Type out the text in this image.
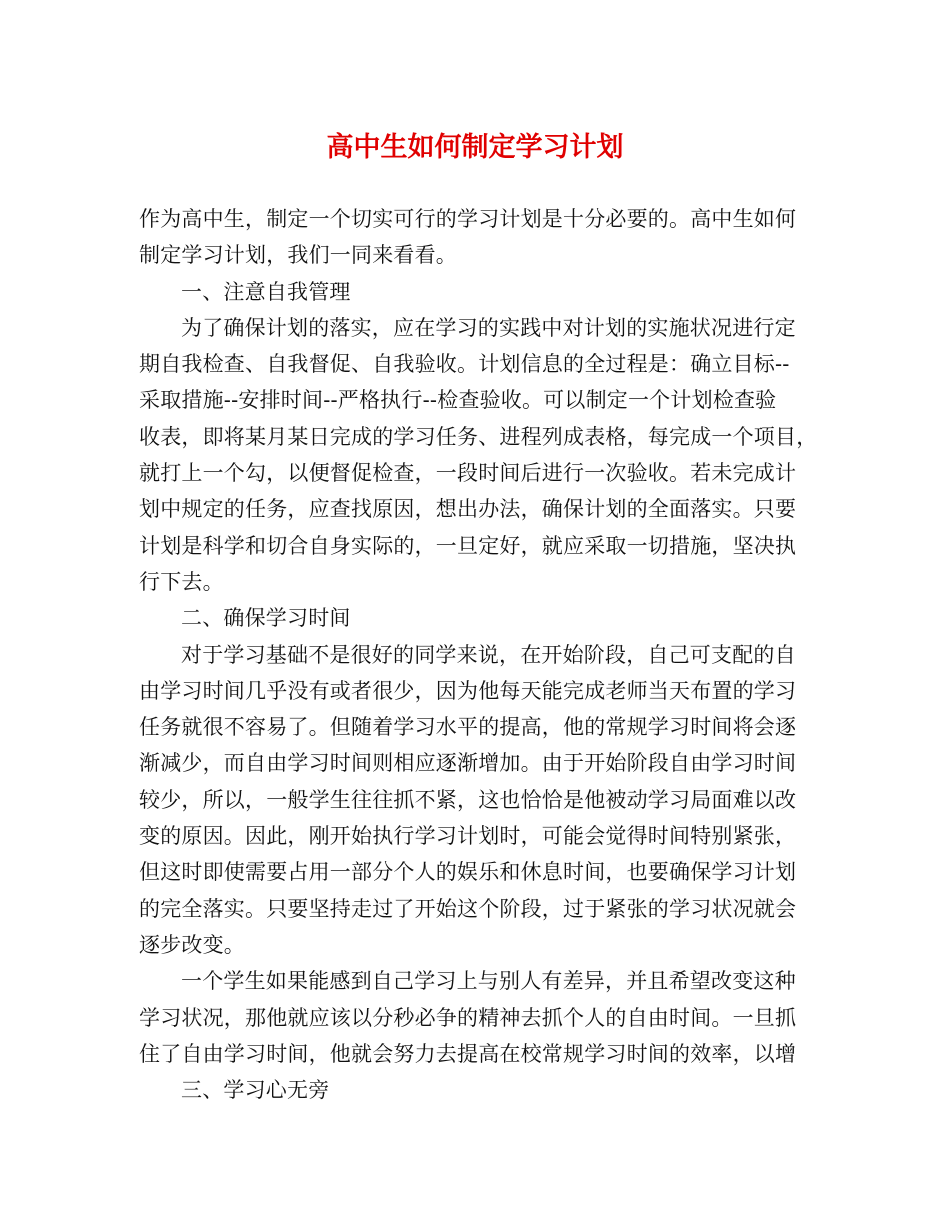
高中生如何制定学习计划
作为高中生，制定一个切实可行的学习计划是十分必要的。高中生如何
制定学习计划，我们一同来看看。
一、注意自我管理
为了确保计划的落实，应在学习的实践中对计划的实施状况进行定
期自我检查、自我督促、自我验收。计划信息的全过程是：确立目标--
采取措施--安排时间--严格执行--检查验收。可以制定一个计划检查验
收表，即将某月某日完成的学习任务、进程列成表格，每完成一个项目，
就打上一个勾，以便督促检查，一段时间后进行一次验收。若未完成计
划中规定的任务，应查找原因，想出办法，确保计划的全面落实。只要
计划是科学和切合自身实际的，一旦定好，就应采取一切措施，坚决执
行下去。
二、确保学习时间
对于学习基础不是很好的同学来说，在开始阶段，自己可支配的自
由学习时间几乎没有或者很少，因为他每天能完成老师当天布置的学习
任务就很不容易了。但随着学习水平的提高，他的常规学习时间将会逐
渐减少，而自由学习时间则相应逐渐增加。由于开始阶段自由学习时间
较少，所以，一般学生往往抓不紧，这也恰恰是他被动学习局面难以改
变的原因。因此，刚开始执行学习计划时，可能会觉得时间特别紧张，
但这时即使需要占用一部分个人的娱乐和休息时间，也要确保学习计划
的完全落实。只要坚持走过了开始这个阶段，过于紧张的学习状况就会
逐步改变。
一个学生如果能感到自己学习上与别人有差异，并且希望改变这种
学习状况，那他就应该以分秒必争的精神去抓个人的自由时间。一旦抓
住了自由学习时间，他就会努力去提高在校常规学习时间的效率，以增
三、学习心无旁
